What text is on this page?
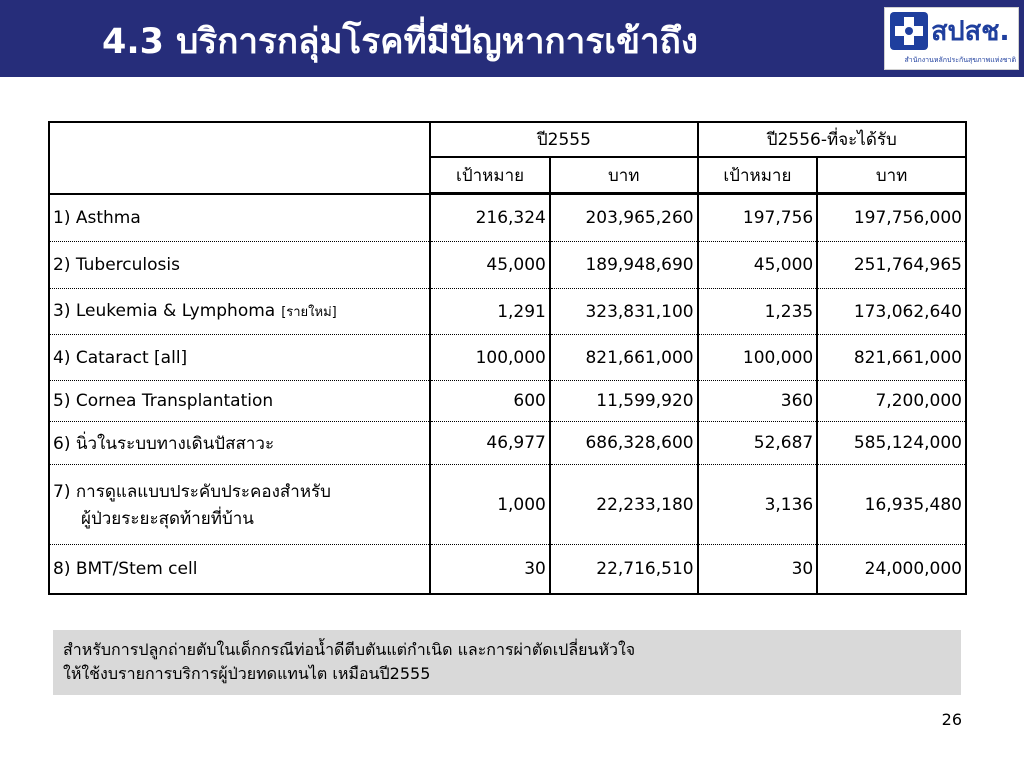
4.3 บริการกลุ่มโรคที่มีปัญหาการเข้าถึง	สปสช.
สำนักงานหลักประกันสุขภาพแห่งชาติ
	ปี2555		ปี2556-ที่จะได้รับ	
	เป้าหมาย	บาท	เป้าหมาย	บาท
1) Asthma	216,324	203,965,260	197,756	197,756,000
2) Tuberculosis	45,000	189,948,690	45,000	251,764,965
3) Leukemia & Lymphoma [รายใหม่]	1,291	323,831,100	1,235	173,062,640
4) Cataract [all]	100,000	821,661,000	100,000	821,661,000
5) Cornea Transplantation	600	11,599,920	360	7,200,000
6) นิ่วในระบบทางเดินปัสสาวะ	46,977	686,328,600	52,687	585,124,000
7) การดูแลแบบประคับประคองสำหรับ
ผู้ป่วยระยะสุดท้ายที่บ้าน	1,000	22,233,180	3,136	16,935,480
8) BMT/Stem cell	30	22,716,510	30	24,000,000
สำหรับการปลูกถ่ายตับในเด็กกรณีท่อน้ำดีตีบตันแต่กำเนิด และการผ่าตัดเปลี่ยนหัวใจ
ให้ใช้งบรายการบริการผู้ป่วยทดแทนไต เหมือนปี2555
26
